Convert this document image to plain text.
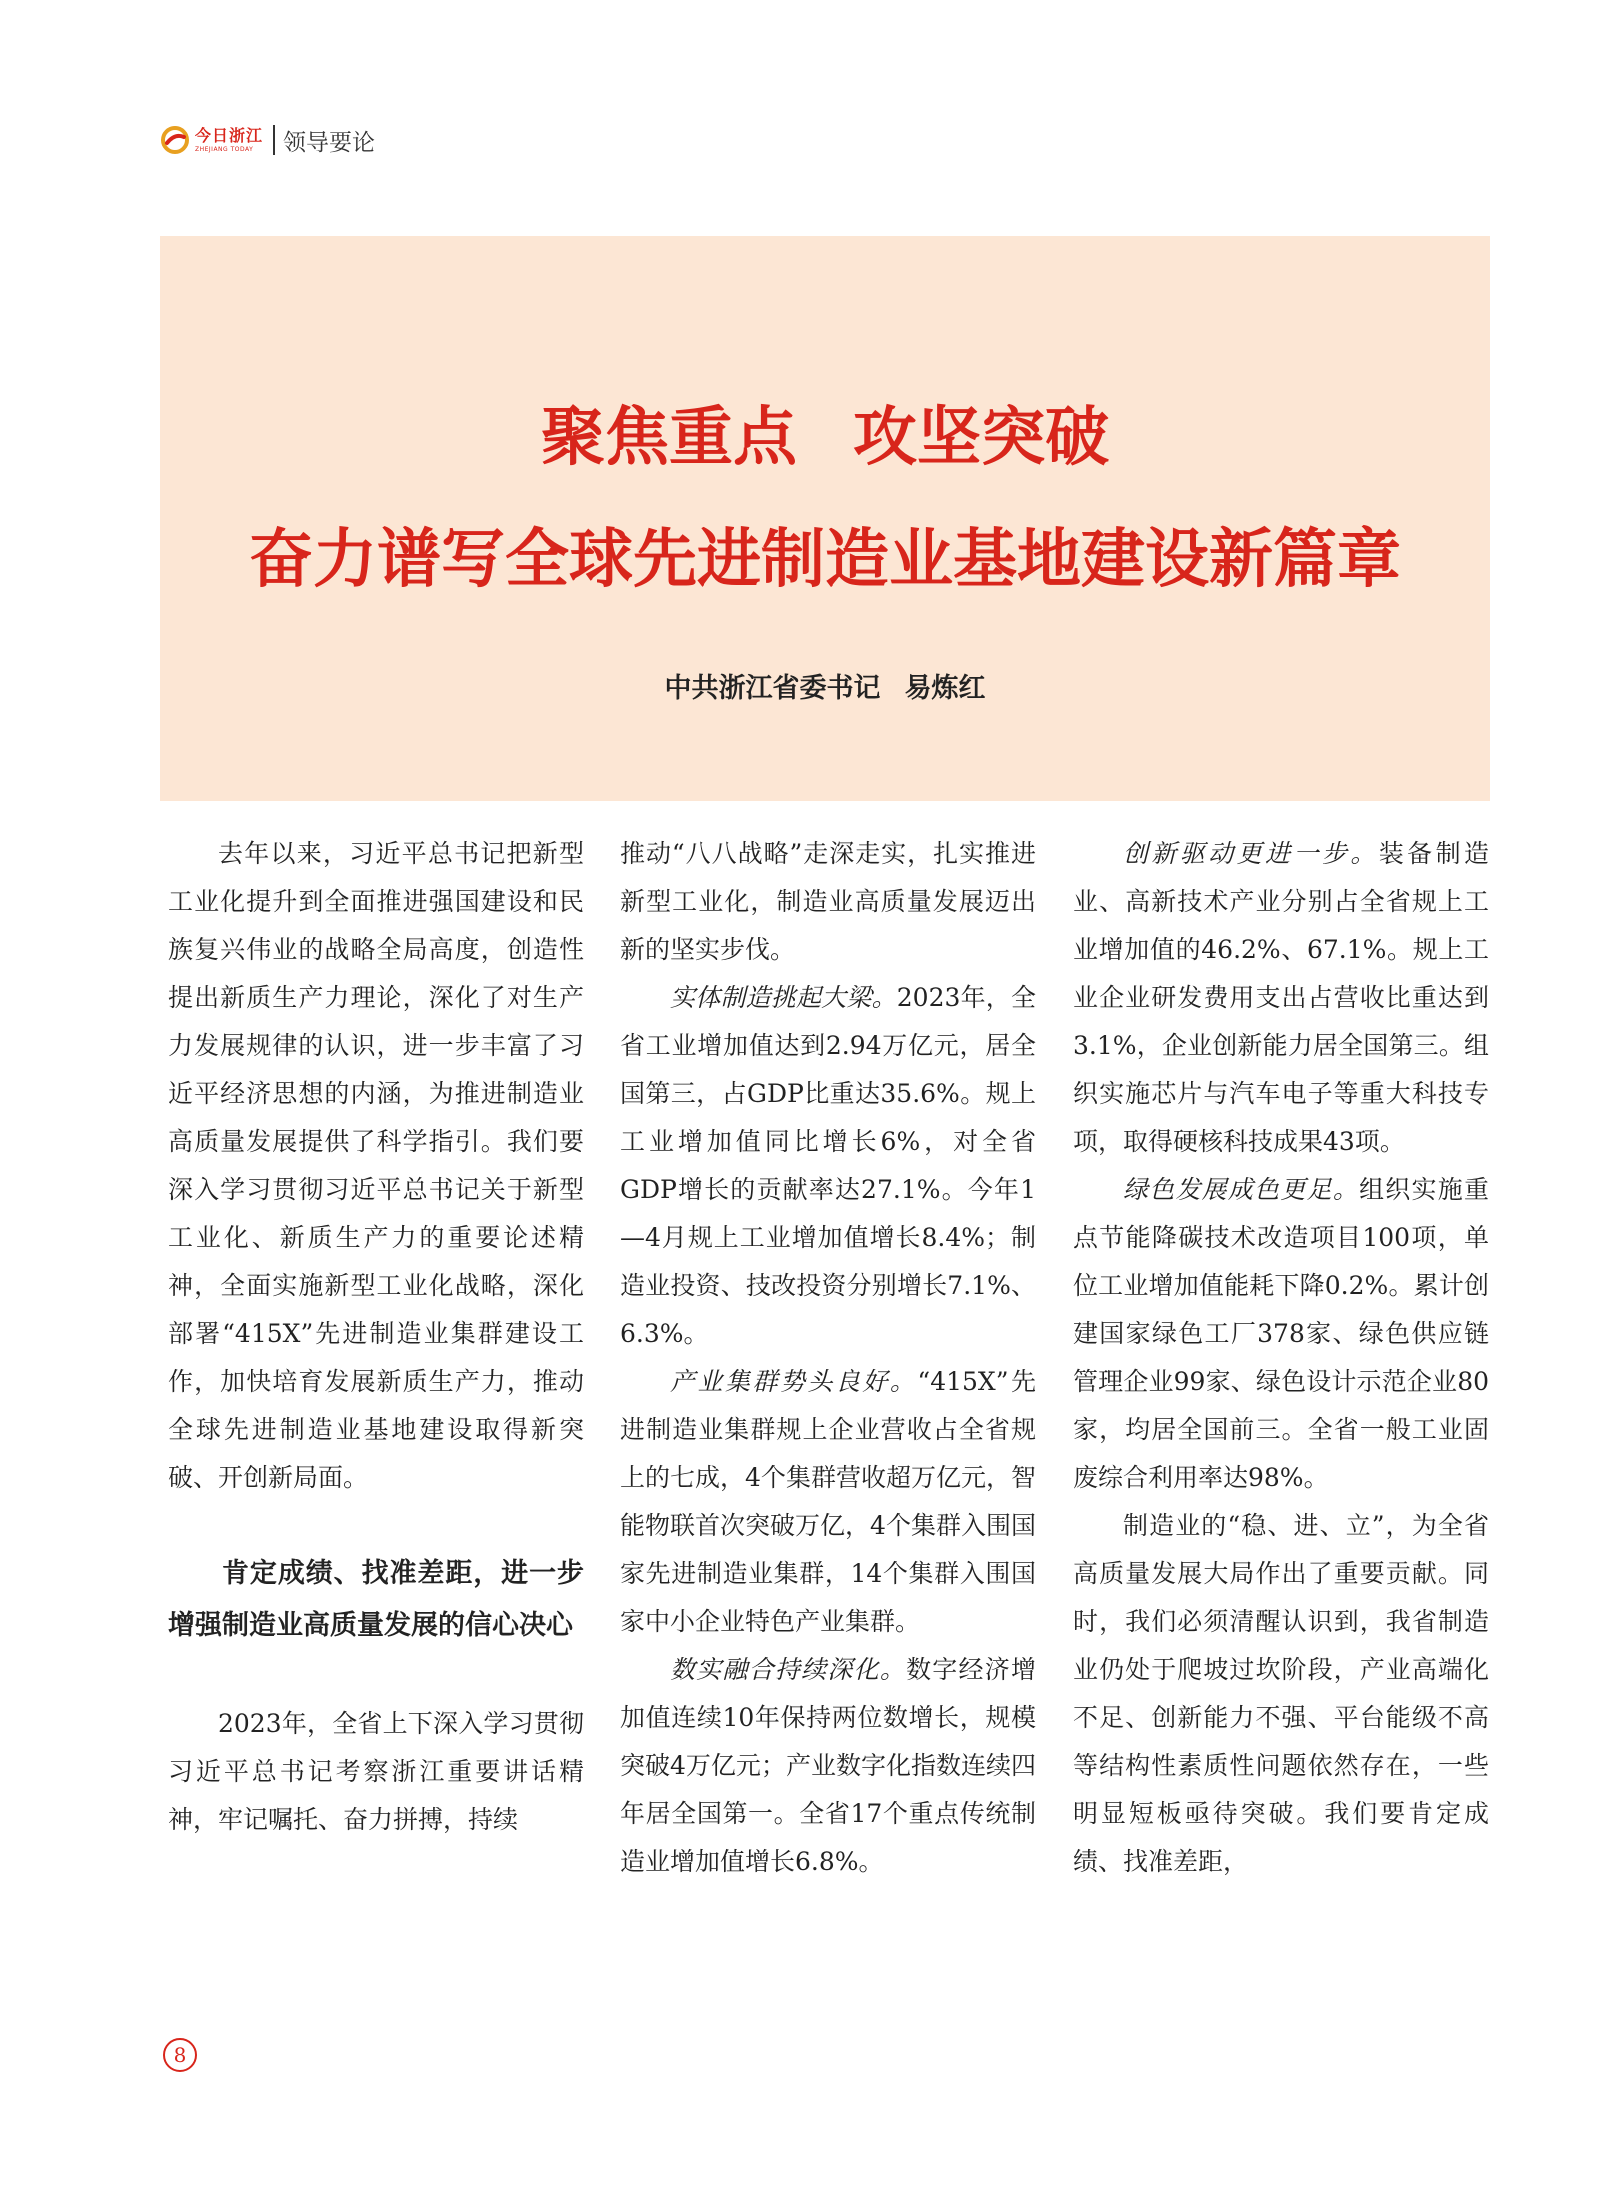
今日浙江
ZHEJIANG TODAY	领导要论
聚焦重点 攻坚突破
奋力谱写全球先进制造业基地建设新篇章
中共浙江省委书记 易炼红

去年以来，习近平总书记把新型工业化提升到全面推进强国建设和民族复兴伟业的战略全局高度，创造性提出新质生产力理论，深化了对生产力发展规律的认识，进一步丰富了习近平经济思想的内涵，为推进制造业高质量发展提供了科学指引。我们要深入学习贯彻习近平总书记关于新型工业化、新质生产力的重要论述精神，全面实施新型工业化战略，深化部署“415X”先进制造业集群建设工作，加快培育发展新质生产力，推动全球先进制造业基地建设取得新突破、开创新局面。

肯定成绩、找准差距，进一步增强制造业高质量发展的信心决心

2023年，全省上下深入学习贯彻习近平总书记考察浙江重要讲话精神，牢记嘱托、奋力拼搏，持续

推动“八八战略”走深走实，扎实推进新型工业化，制造业高质量发展迈出新的坚实步伐。

实体制造挑起大梁。2023年，全省工业增加值达到2.94万亿元，居全国第三，占GDP比重达35.6%。规上工业增加值同比增长6%，对全省GDP增长的贡献率达27.1%。今年1—4月规上工业增加值增长8.4%；制造业投资、技改投资分别增长7.1%、6.3%。

产业集群势头良好。“415X”先进制造业集群规上企业营收占全省规上的七成，4个集群营收超万亿元，智能物联首次突破万亿，4个集群入围国家先进制造业集群，14个集群入围国家中小企业特色产业集群。

数实融合持续深化。数字经济增加值连续10年保持两位数增长，规模突破4万亿元；产业数字化指数连续四年居全国第一。全省17个重点传统制造业增加值增长6.8%。

创新驱动更进一步。装备制造业、高新技术产业分别占全省规上工业增加值的46.2%、67.1%。规上工业企业研发费用支出占营收比重达到3.1%，企业创新能力居全国第三。组织实施芯片与汽车电子等重大科技专项，取得硬核科技成果43项。

绿色发展成色更足。组织实施重点节能降碳技术改造项目100项，单位工业增加值能耗下降0.2%。累计创建国家绿色工厂378家、绿色供应链管理企业99家、绿色设计示范企业80家，均居全国前三。全省一般工业固废综合利用率达98%。

制造业的“稳、进、立”，为全省高质量发展大局作出了重要贡献。同时，我们必须清醒认识到，我省制造业仍处于爬坡过坎阶段，产业高端化不足、创新能力不强、平台能级不高等结构性素质性问题依然存在，一些明显短板亟待突破。我们要肯定成绩、找准差距，

8
